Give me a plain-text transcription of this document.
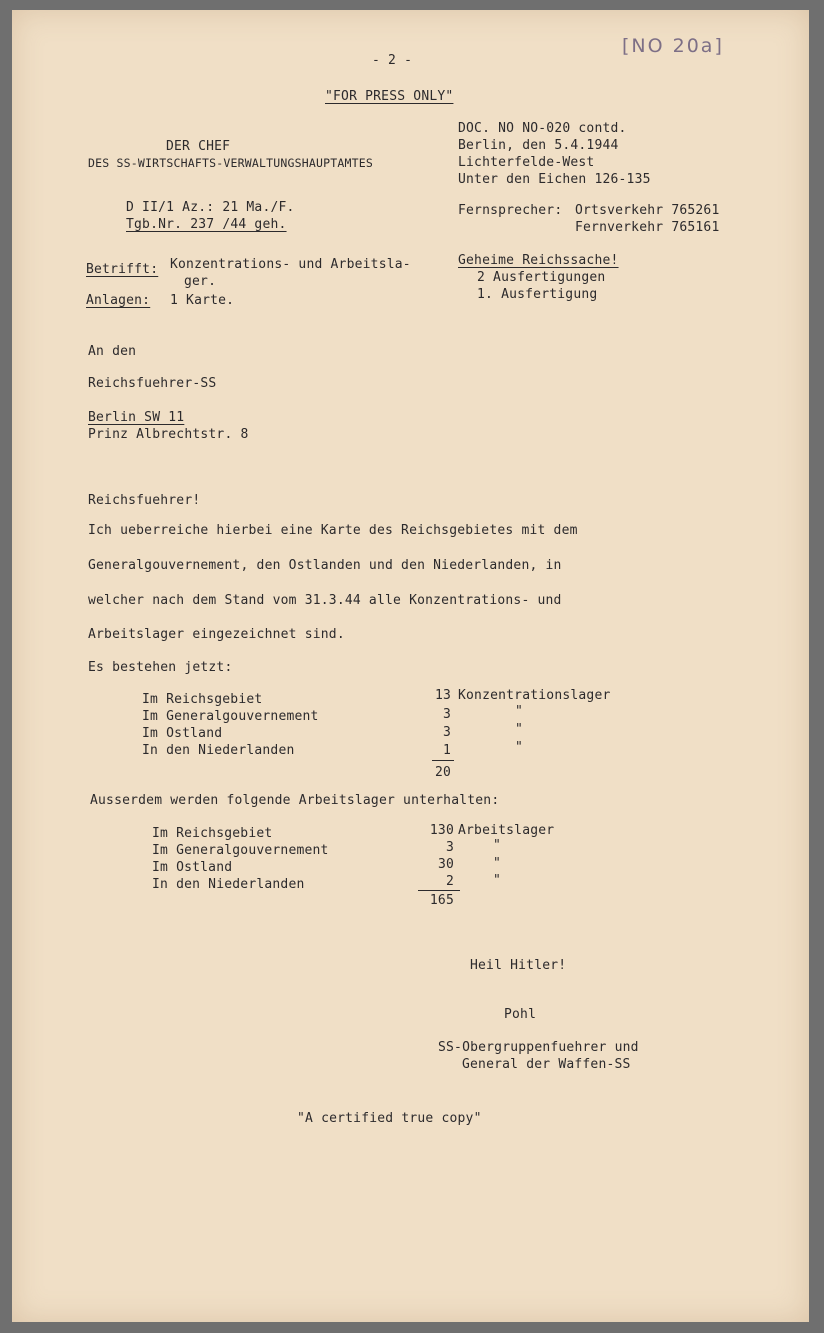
- 2 -
[NO 20a]
"FOR PRESS ONLY"
DER CHEF
DES SS-WIRTSCHAFTS-VERWALTUNGSHAUPTAMTES
D II/1 Az.: 21 Ma./F.
Tgb.Nr. 237 /44 geh.
DOC. NO NO-020 contd.
Berlin, den 5.4.1944
Lichterfelde-West
Unter den Eichen 126-135
Fernsprecher: Ortsverkehr 765261
Fernverkehr 765161
Betrifft: Konzentrations- und Arbeitsla-
ger.
Anlagen: 1 Karte.
Geheime Reichssache!
2 Ausfertigungen
1. Ausfertigung
An den
Reichsfuehrer-SS
Berlin SW 11
Prinz Albrechtstr. 8
Reichsfuehrer!
Ich ueberreiche hierbei eine Karte des Reichsgebietes mit dem
Generalgouvernement, den Ostlanden und den Niederlanden, in
welcher nach dem Stand vom 31.3.44 alle Konzentrations- und
Arbeitslager eingezeichnet sind.
Es bestehen jetzt:
Im Reichsgebiet	13 Konzentrationslager
Im Generalgouvernement	3	"
Im Ostland	3	"
In den Niederlanden	1	"
20
Ausserdem werden folgende Arbeitslager unterhalten:
Im Reichsgebiet	130 Arbeitslager
Im Generalgouvernement	3	"
Im Ostland	30	"
In den Niederlanden	2	"
165
Heil Hitler!
Pohl
SS-Obergruppenfuehrer und
General der Waffen-SS
"A certified true copy"
